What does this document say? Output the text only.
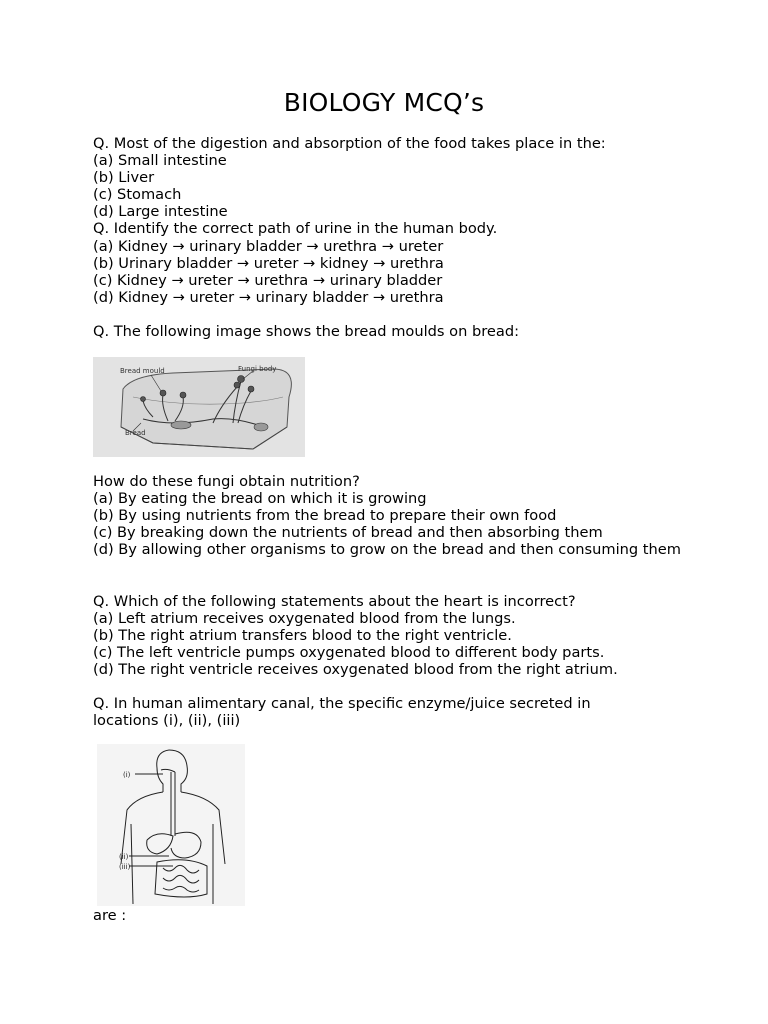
BIOLOGY MCQ’s
Q. Most of the digestion and absorption of the food takes place in the:
(a) Small intestine
(b) Liver
(c) Stomach
(d) Large intestine
Q. Identify the correct path of urine in the human body.
(a) Kidney → urinary bladder → urethra → ureter
(b) Urinary bladder → ureter → kidney → urethra
(c) Kidney → ureter → urethra → urinary bladder
(d) Kidney → ureter → urinary bladder → urethra
Q. The following image shows the bread moulds on bread:
Bread mould	Fungi body
Bread
How do these fungi obtain nutrition?
(a) By eating the bread on which it is growing
(b) By using nutrients from the bread to prepare their own food
(c) By breaking down the nutrients of bread and then absorbing them
(d) By allowing other organisms to grow on the bread and then consuming them
Q. Which of the following statements about the heart is incorrect?
(a) Left atrium receives oxygenated blood from the lungs.
(b) The right atrium transfers blood to the right ventricle.
(c) The left ventricle pumps oxygenated blood to different body parts.
(d) The right ventricle receives oxygenated blood from the right atrium.
Q. In human alimentary canal, the specific enzyme/juice secreted in locations (i), (ii), (iii)
(i)
(ii)
(iii)
are :
